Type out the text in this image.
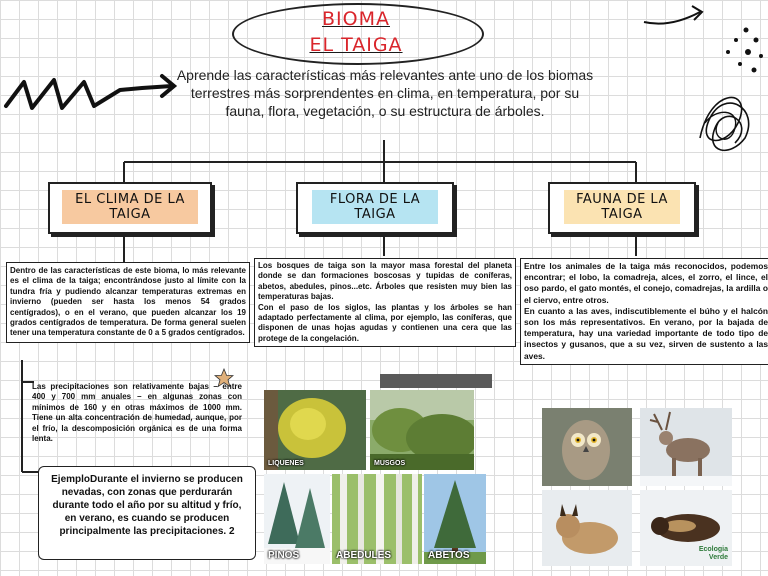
BIOMA
EL TAIGA
Aprende las características más relevantes ante uno de los biomas terrestres más sorprendentes en clima, en temperatura, por su fauna, flora, vegetación, o su estructura de árboles.
EL CLIMA DE LA TAIGA
FLORA DE LA TAIGA
FAUNA DE LA TAIGA
Dentro de las características de este bioma, lo más relevante es el clima de la taiga; encontrándose justo al límite con la tundra fría y pudiendo alcanzar temperaturas extremas en invierno (pueden ser hasta los menos 54 grados centígrados), o en el verano, que pueden alcanzar los 19 grados centígrados de temperatura. De forma general suelen tener una temperatura constante de 0 a 5 grados centígrados.
Las precipitaciones son relativamente bajas – entre 400 y 700 mm anuales – en algunas zonas con mínimos de 160 y en otras máximos de 1000 mm. Tiene un alta concentración de humedad, aunque, por el frío, la descomposición orgánica es de una forma lenta.
EjemploDurante el invierno se producen nevadas, con zonas que perdurarán durante todo el año por su altitud y frío, en verano, es cuando se producen principalmente las precipitaciones. 2
Los bosques de taiga son la mayor masa forestal del planeta donde se dan formaciones boscosas y tupidas de coníferas, abetos, abedules, pinos...etc. Árboles que resisten muy bien las temperaturas bajas.
Con el paso de los siglos, las plantas y los árboles se han adaptado perfectamente al clima, por ejemplo, las coníferas, que disponen de unas hojas agudas y contienen una cera que las protege de la congelación.
LIQUENES	MUSGOS
PINOS	ABEDULES	ABETOS
Entre los animales de la taiga más reconocidos, podemos encontrar; el lobo, la comadreja, alces, el zorro, el lince, el oso pardo, el gato montés, el conejo, comadrejas, la ardilla o el ciervo, entre otros.
En cuanto a las aves, indiscutiblemente el búho y el halcón son los más representativos. En verano, por la bajada de temperatura, hay una variedad importante de todo tipo de insectos y gusanos, que a su vez, sirven de sustento a las aves.
Ecologia Verde
